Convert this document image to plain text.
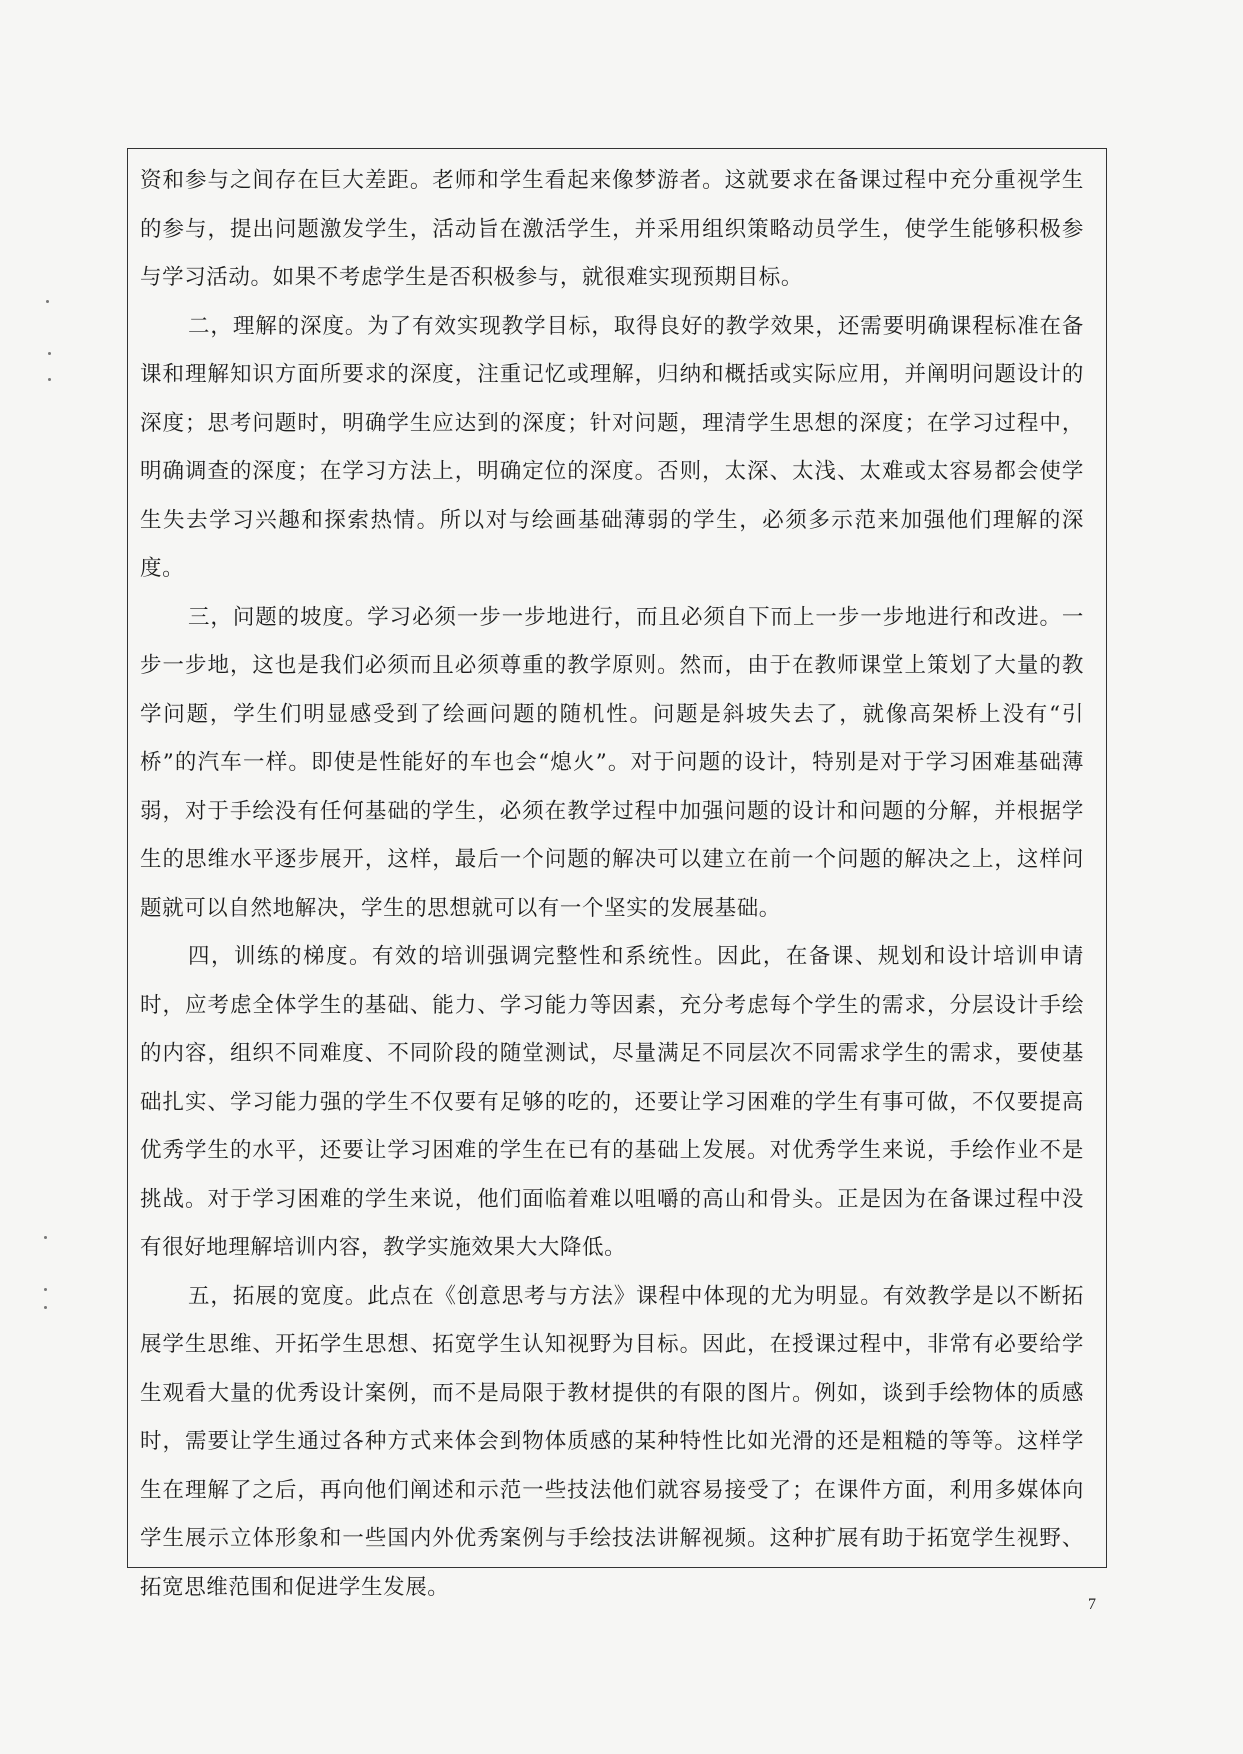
资和参与之间存在巨大差距。老师和学生看起来像梦游者。这就要求在备课过程中充分重视学生的参与，提出问题激发学生，活动旨在激活学生，并采用组织策略动员学生，使学生能够积极参与学习活动。如果不考虑学生是否积极参与，就很难实现预期目标。

二，理解的深度。为了有效实现教学目标，取得良好的教学效果，还需要明确课程标准在备课和理解知识方面所要求的深度，注重记忆或理解，归纳和概括或实际应用，并阐明问题设计的深度；思考问题时，明确学生应达到的深度；针对问题，理清学生思想的深度；在学习过程中，明确调查的深度；在学习方法上，明确定位的深度。否则，太深、太浅、太难或太容易都会使学生失去学习兴趣和探索热情。所以对与绘画基础薄弱的学生，必须多示范来加强他们理解的深度。

三，问题的坡度。学习必须一步一步地进行，而且必须自下而上一步一步地进行和改进。一步一步地，这也是我们必须而且必须尊重的教学原则。然而，由于在教师课堂上策划了大量的教学问题，学生们明显感受到了绘画问题的随机性。问题是斜坡失去了，就像高架桥上没有“引桥”的汽车一样。即使是性能好的车也会“熄火”。对于问题的设计，特别是对于学习困难基础薄弱，对于手绘没有任何基础的学生，必须在教学过程中加强问题的设计和问题的分解，并根据学生的思维水平逐步展开，这样，最后一个问题的解决可以建立在前一个问题的解决之上，这样问题就可以自然地解决，学生的思想就可以有一个坚实的发展基础。

四，训练的梯度。有效的培训强调完整性和系统性。因此，在备课、规划和设计培训申请时，应考虑全体学生的基础、能力、学习能力等因素，充分考虑每个学生的需求，分层设计手绘的内容，组织不同难度、不同阶段的随堂测试，尽量满足不同层次不同需求学生的需求，要使基础扎实、学习能力强的学生不仅要有足够的吃的，还要让学习困难的学生有事可做，不仅要提高优秀学生的水平，还要让学习困难的学生在已有的基础上发展。对优秀学生来说，手绘作业不是挑战。对于学习困难的学生来说，他们面临着难以咀嚼的高山和骨头。正是因为在备课过程中没有很好地理解培训内容，教学实施效果大大降低。

五，拓展的宽度。此点在《创意思考与方法》课程中体现的尤为明显。有效教学是以不断拓展学生思维、开拓学生思想、拓宽学生认知视野为目标。因此，在授课过程中，非常有必要给学生观看大量的优秀设计案例，而不是局限于教材提供的有限的图片。例如，谈到手绘物体的质感时，需要让学生通过各种方式来体会到物体质感的某种特性比如光滑的还是粗糙的等等。这样学生在理解了之后，再向他们阐述和示范一些技法他们就容易接受了；在课件方面，利用多媒体向学生展示立体形象和一些国内外优秀案例与手绘技法讲解视频。这种扩展有助于拓宽学生视野、拓宽思维范围和促进学生发展。

7
